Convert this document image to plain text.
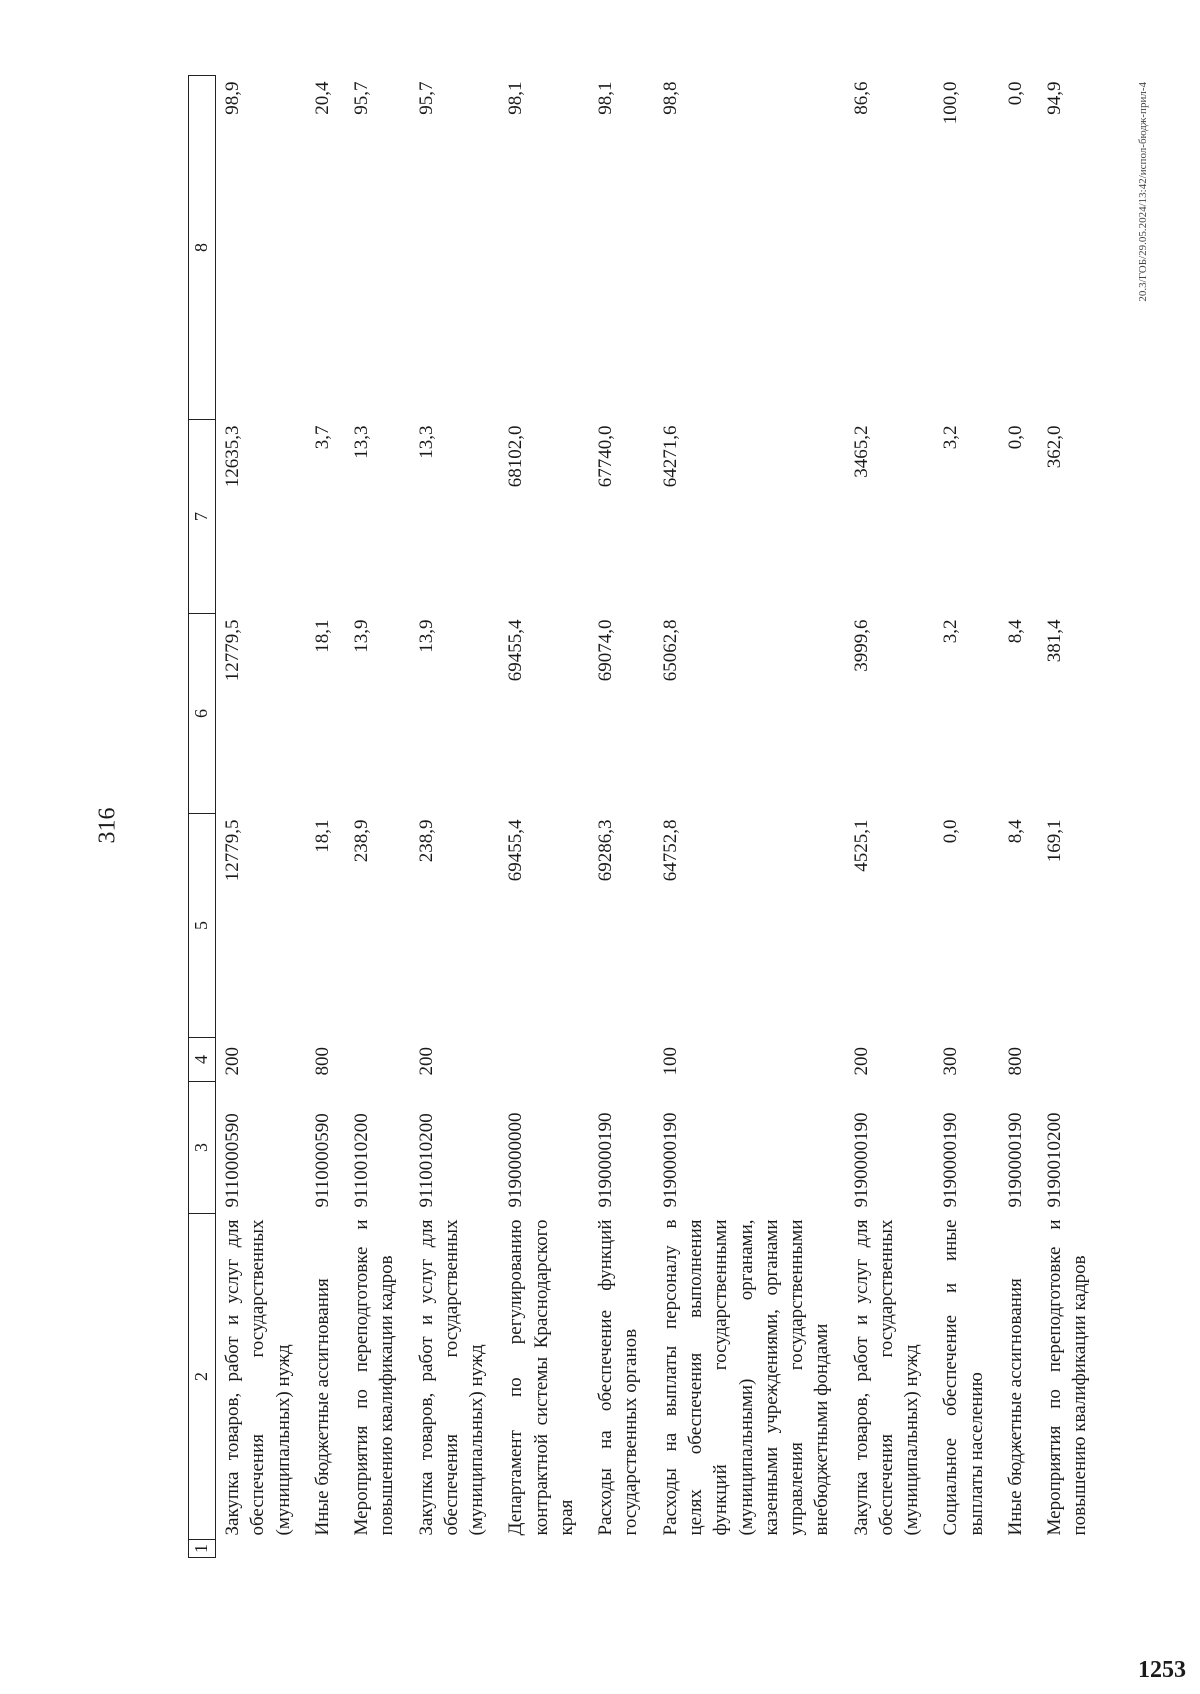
316
20.3/ГОБ/29.05.2024/13:42/испол-бюдж-прил-4
1253
1	2	3	4	5	6	7	8
	Закупка товаров, работ и услуг для обеспечения государственных (муниципальных) нужд	9110000590	200	12779,5	12779,5	12635,3	98,9
	Иные бюджетные ассигнования	9110000590	800	18,1	18,1	3,7	20,4
	Мероприятия по переподготовке и повышению квалификации кадров	9110010200		238,9	13,9	13,3	95,7
	Закупка товаров, работ и услуг для обеспечения государственных (муниципальных) нужд	9110010200	200	238,9	13,9	13,3	95,7
	Департамент по регулированию контрактной системы Краснодарского края	9190000000		69455,4	69455,4	68102,0	98,1
	Расходы на обеспечение функций государственных органов	9190000190		69286,3	69074,0	67740,0	98,1
	Расходы на выплаты персоналу в целях обеспечения выполнения функций государственными (муниципальными) органами, казенными учреждениями, органами управления государственными внебюджетными фондами	9190000190	100	64752,8	65062,8	64271,6	98,8
	Закупка товаров, работ и услуг для обеспечения государственных (муниципальных) нужд	9190000190	200	4525,1	3999,6	3465,2	86,6
	Социальное обеспечение и иные выплаты населению	9190000190	300	0,0	3,2	3,2	100,0
	Иные бюджетные ассигнования	9190000190	800	8,4	8,4	0,0	0,0
	Мероприятия по переподготовке и повышению квалификации кадров	9190010200		169,1	381,4	362,0	94,9
